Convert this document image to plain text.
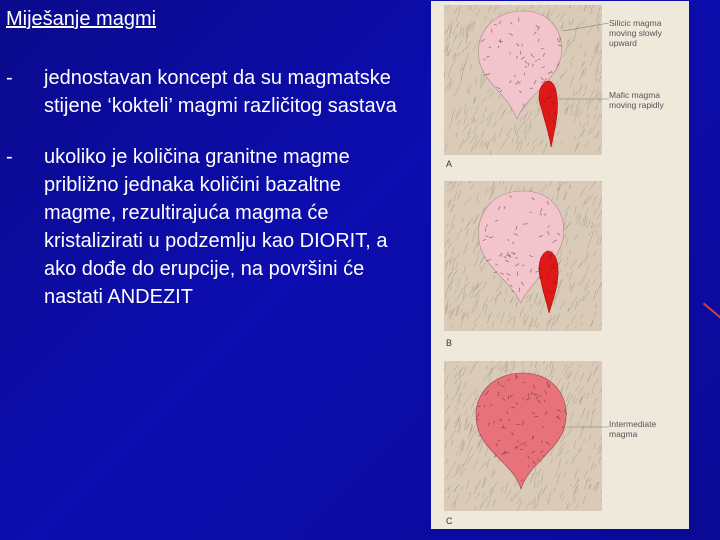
Miješanje magmi
-	jednostavan koncept da su magmatske stijene ‘kokteli’ magmi različitog sastava
-	ukoliko je količina granitne magme približno jednaka količini bazaltne magme, rezultirajuća magma će kristalizirati u podzemlju kao DIORIT, a ako dođe do erupcije, na površini će nastati ANDEZIT
Silicic magma
moving slowly
upward
Mafic magma
moving rapidly
Intermediate
magma
A
B
C
